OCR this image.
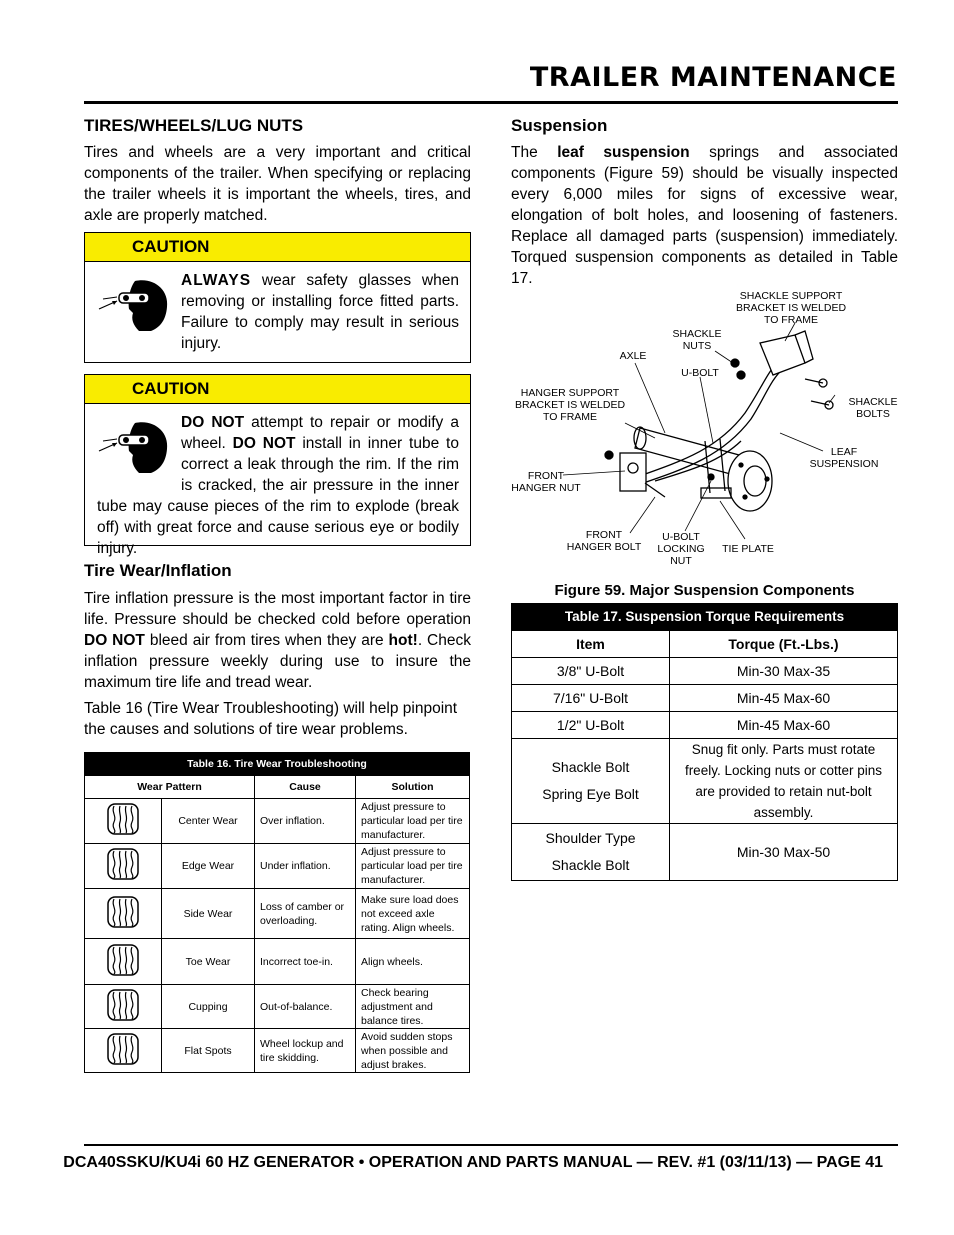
TRAILER MAINTENANCE
TIRES/WHEELS/LUG NUTS
Tires and wheels are a very important and critical components of the trailer. When specifying or replacing the trailer wheels it is important the wheels, tires, and axle are properly matched.
CAUTION
ALWAYS wear safety glasses when removing or installing force fitted parts. Failure to comply may result in serious injury.
CAUTION
DO NOT attempt to repair or modify a wheel. DO NOT install in inner tube to correct a leak through the rim. If the rim is cracked, the air pressure in the inner tube may cause pieces of the rim to explode (break off) with great force and cause serious eye or bodily injury.
Tire Wear/Inflation
Tire inflation pressure is the most important factor in tire life. Pressure should be checked cold before operation DO NOT bleed air from tires when they are hot!. Check inflation pressure weekly during use to insure the maximum tire life and tread wear.
Table 16 (Tire Wear Troubleshooting) will help pinpoint the causes and solutions of tire wear problems.
Table 16. Tire Wear Troubleshooting			
Wear Pattern		Cause	Solution
	Center Wear	Over inflation.	Adjust pressure to particular load per tire manufacturer.
	Edge Wear	Under inflation.	Adjust pressure to particular load per tire manufacturer.
	Side Wear	Loss of camber or overloading.	Make sure load does not exceed axle rating. Align wheels.
	Toe Wear	Incorrect toe-in.	Align wheels.
	Cupping	Out-of-balance.	Check bearing adjustment and balance tires.
	Flat Spots	Wheel lockup and tire skidding.	Avoid sudden stops when possible and adjust brakes.
Suspension
The leaf suspension springs and associated components (Figure 59) should be visually inspected every 6,000 miles for signs of excessive wear, elongation of bolt holes, and loosening of fasteners. Replace all damaged parts (suspension) immediately. Torqued suspension components as detailed in Table 17.
SHACKLE SUPPORT
BRACKET IS WELDED
TO FRAME
SHACKLE
NUTS
AXLE
U-BOLT
HANGER SUPPORT
BRACKET IS WELDED
TO FRAME
SHACKLE
BOLTS
LEAF
SUSPENSION
FRONT
HANGER NUT
FRONT
HANGER BOLT
U-BOLT
LOCKING
NUT
TIE PLATE
Figure 59. Major Suspension Components
Table 17. Suspension Torque Requirements	
Item	Torque (Ft.-Lbs.)
3/8" U-Bolt	Min-30 Max-35
7/16" U-Bolt	Min-45 Max-60
1/2" U-Bolt	Min-45 Max-60

Shackle Bolt
Spring Eye Bolt	Snug fit only. Parts must rotate freely. Locking nuts or cotter pins are provided to retain nut-bolt assembly.

Shoulder Type
Shackle Bolt	Min-30 Max-50
DCA40SSKU/KU4i 60 HZ GENERATOR • OPERATION AND PARTS MANUAL — REV. #1 (03/11/13) — PAGE 41
